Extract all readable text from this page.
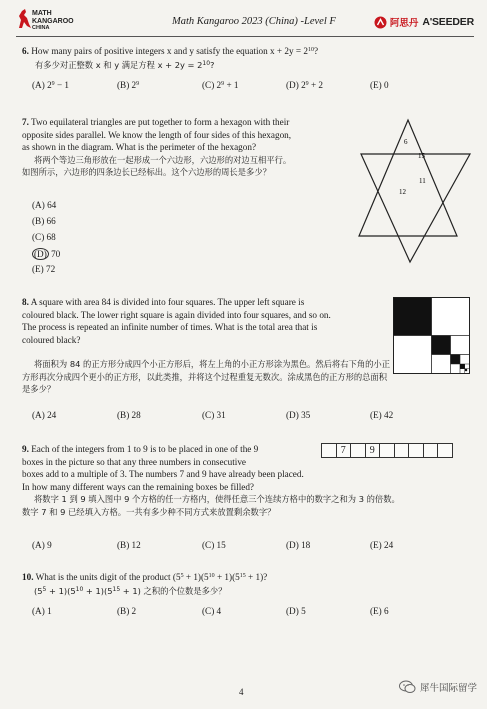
MATH
KANGAROO
CHINA
Math Kangaroo 2023 (China) -Level F	阿思丹 A'SEEDER
6. How many pairs of positive integers x and y satisfy the equation $x + 2y = 2^{10}$?
有多少对正整数 x 和 y 满足方程 $x + 2y = 2^{10}$?
(A) $2^9 - 1$	(B) $2^9$	(C) $2^9 + 1$	(D) $2^9 + 2$	(E) 0
7. Two equilateral triangles are put together to form a hexagon with their
opposite sides parallel. We know the length of four sides of this hexagon,
as shown in the diagram. What is the perimeter of the hexagon?
将两个等边三角形放在一起形成一个六边形，六边形的对边互相平行。
如图所示，六边形的四条边长已经标出。这个六边形的周长是多少？
(A) 64
(B) 66
(C) 68
(D) 70
(E) 72
6
15
11
12
8. A square with area 84 is divided into four squares. The upper left square is
coloured black. The lower right square is again divided into four squares, and so on.
The process is repeated an infinite number of times. What is the total area that is
coloured black?
将面积为 84 的正方形分成四个小正方形后，将左上角的小正方形涂为黑色。然后将右下角的小正
方形再次分成四个更小的正方形，以此类推，并将这个过程重复无数次。涂成黑色的正方形的总面积
是多少？
(A) 24	(B) 28	(C) 31	(D) 35	(E) 42
9. Each of the integers from 1 to 9 is to be placed in one of the 9
boxes in the picture so that any three numbers in consecutive
boxes add to a multiple of 3. The numbers 7 and 9 have already been placed.
In how many different ways can the remaining boxes be filled?
将数字 1 到 9 填入图中 9 个方格的任一方格内，使得任意三个连续方格中的数字之和为 3 的倍数。
数字 7 和 9 已经填入方格。一共有多少种不同方式来放置剩余数字？
7	9
(A) 9	(B) 12	(C) 15	(D) 18	(E) 24
10. What is the units digit of the product $(5^5 + 1)(5^{10} + 1)(5^{15} + 1)$?
$(5^5 + 1)(5^{10} + 1)(5^{15} + 1)$ 之积的个位数是多少？
(A) 1	(B) 2	(C) 4	(D) 5	(E) 6
4	犀牛国际留学
